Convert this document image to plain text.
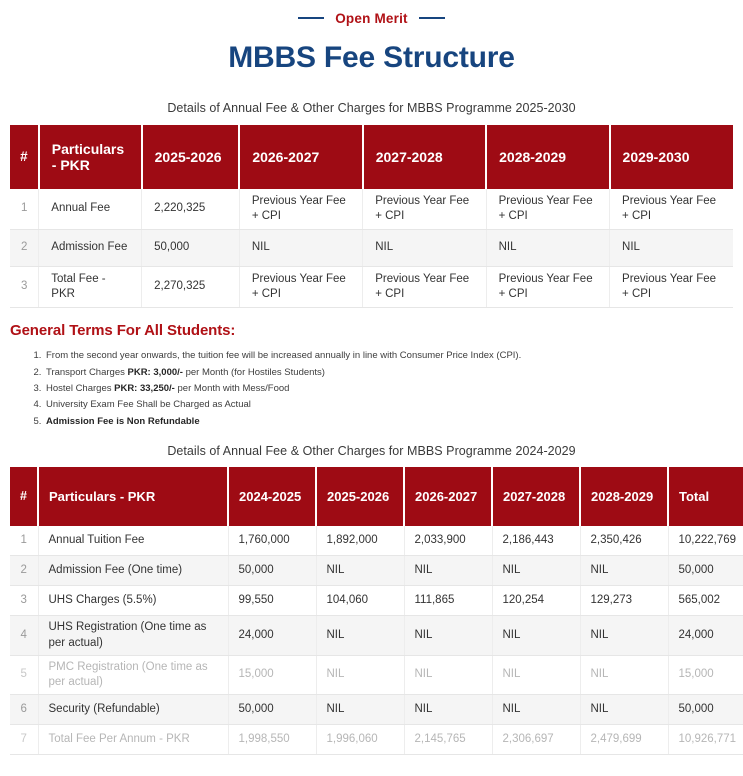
Open Merit
MBBS Fee Structure
Details of Annual Fee & Other Charges for MBBS Programme 2025-2030
#	Particulars - PKR	2025-2026	2026-2027	2027-2028	2028-2029	2029-2030
1	Annual Fee	2,220,325	Previous Year Fee + CPI	Previous Year Fee + CPI	Previous Year Fee + CPI	Previous Year Fee + CPI
2	Admission Fee	50,000	NIL	NIL	NIL	NIL
3	Total Fee - PKR	2,270,325	Previous Year Fee + CPI	Previous Year Fee + CPI	Previous Year Fee + CPI	Previous Year Fee + CPI
General Terms For All Students:
1. From the second year onwards, the tuition fee will be increased annually in line with Consumer Price Index (CPI).
2. Transport Charges PKR: 3,000/- per Month (for Hostiles Students)
3. Hostel Charges PKR: 33,250/- per Month with Mess/Food
4. University Exam Fee Shall be Charged as Actual
5. Admission Fee is Non Refundable
Details of Annual Fee & Other Charges for MBBS Programme 2024-2029
#	Particulars - PKR	2024-2025	2025-2026	2026-2027	2027-2028	2028-2029	Total
1	Annual Tuition Fee	1,760,000	1,892,000	2,033,900	2,186,443	2,350,426	10,222,769
2	Admission Fee (One time)	50,000	NIL	NIL	NIL	NIL	50,000
3	UHS Charges (5.5%)	99,550	104,060	111,865	120,254	129,273	565,002
4	UHS Registration (One time as per actual)	24,000	NIL	NIL	NIL	NIL	24,000
5	PMC Registration (One time as per actual)	15,000	NIL	NIL	NIL	NIL	15,000
6	Security (Refundable)	50,000	NIL	NIL	NIL	NIL	50,000
7	Total Fee Per Annum - PKR	1,998,550	1,996,060	2,145,765	2,306,697	2,479,699	10,926,771
